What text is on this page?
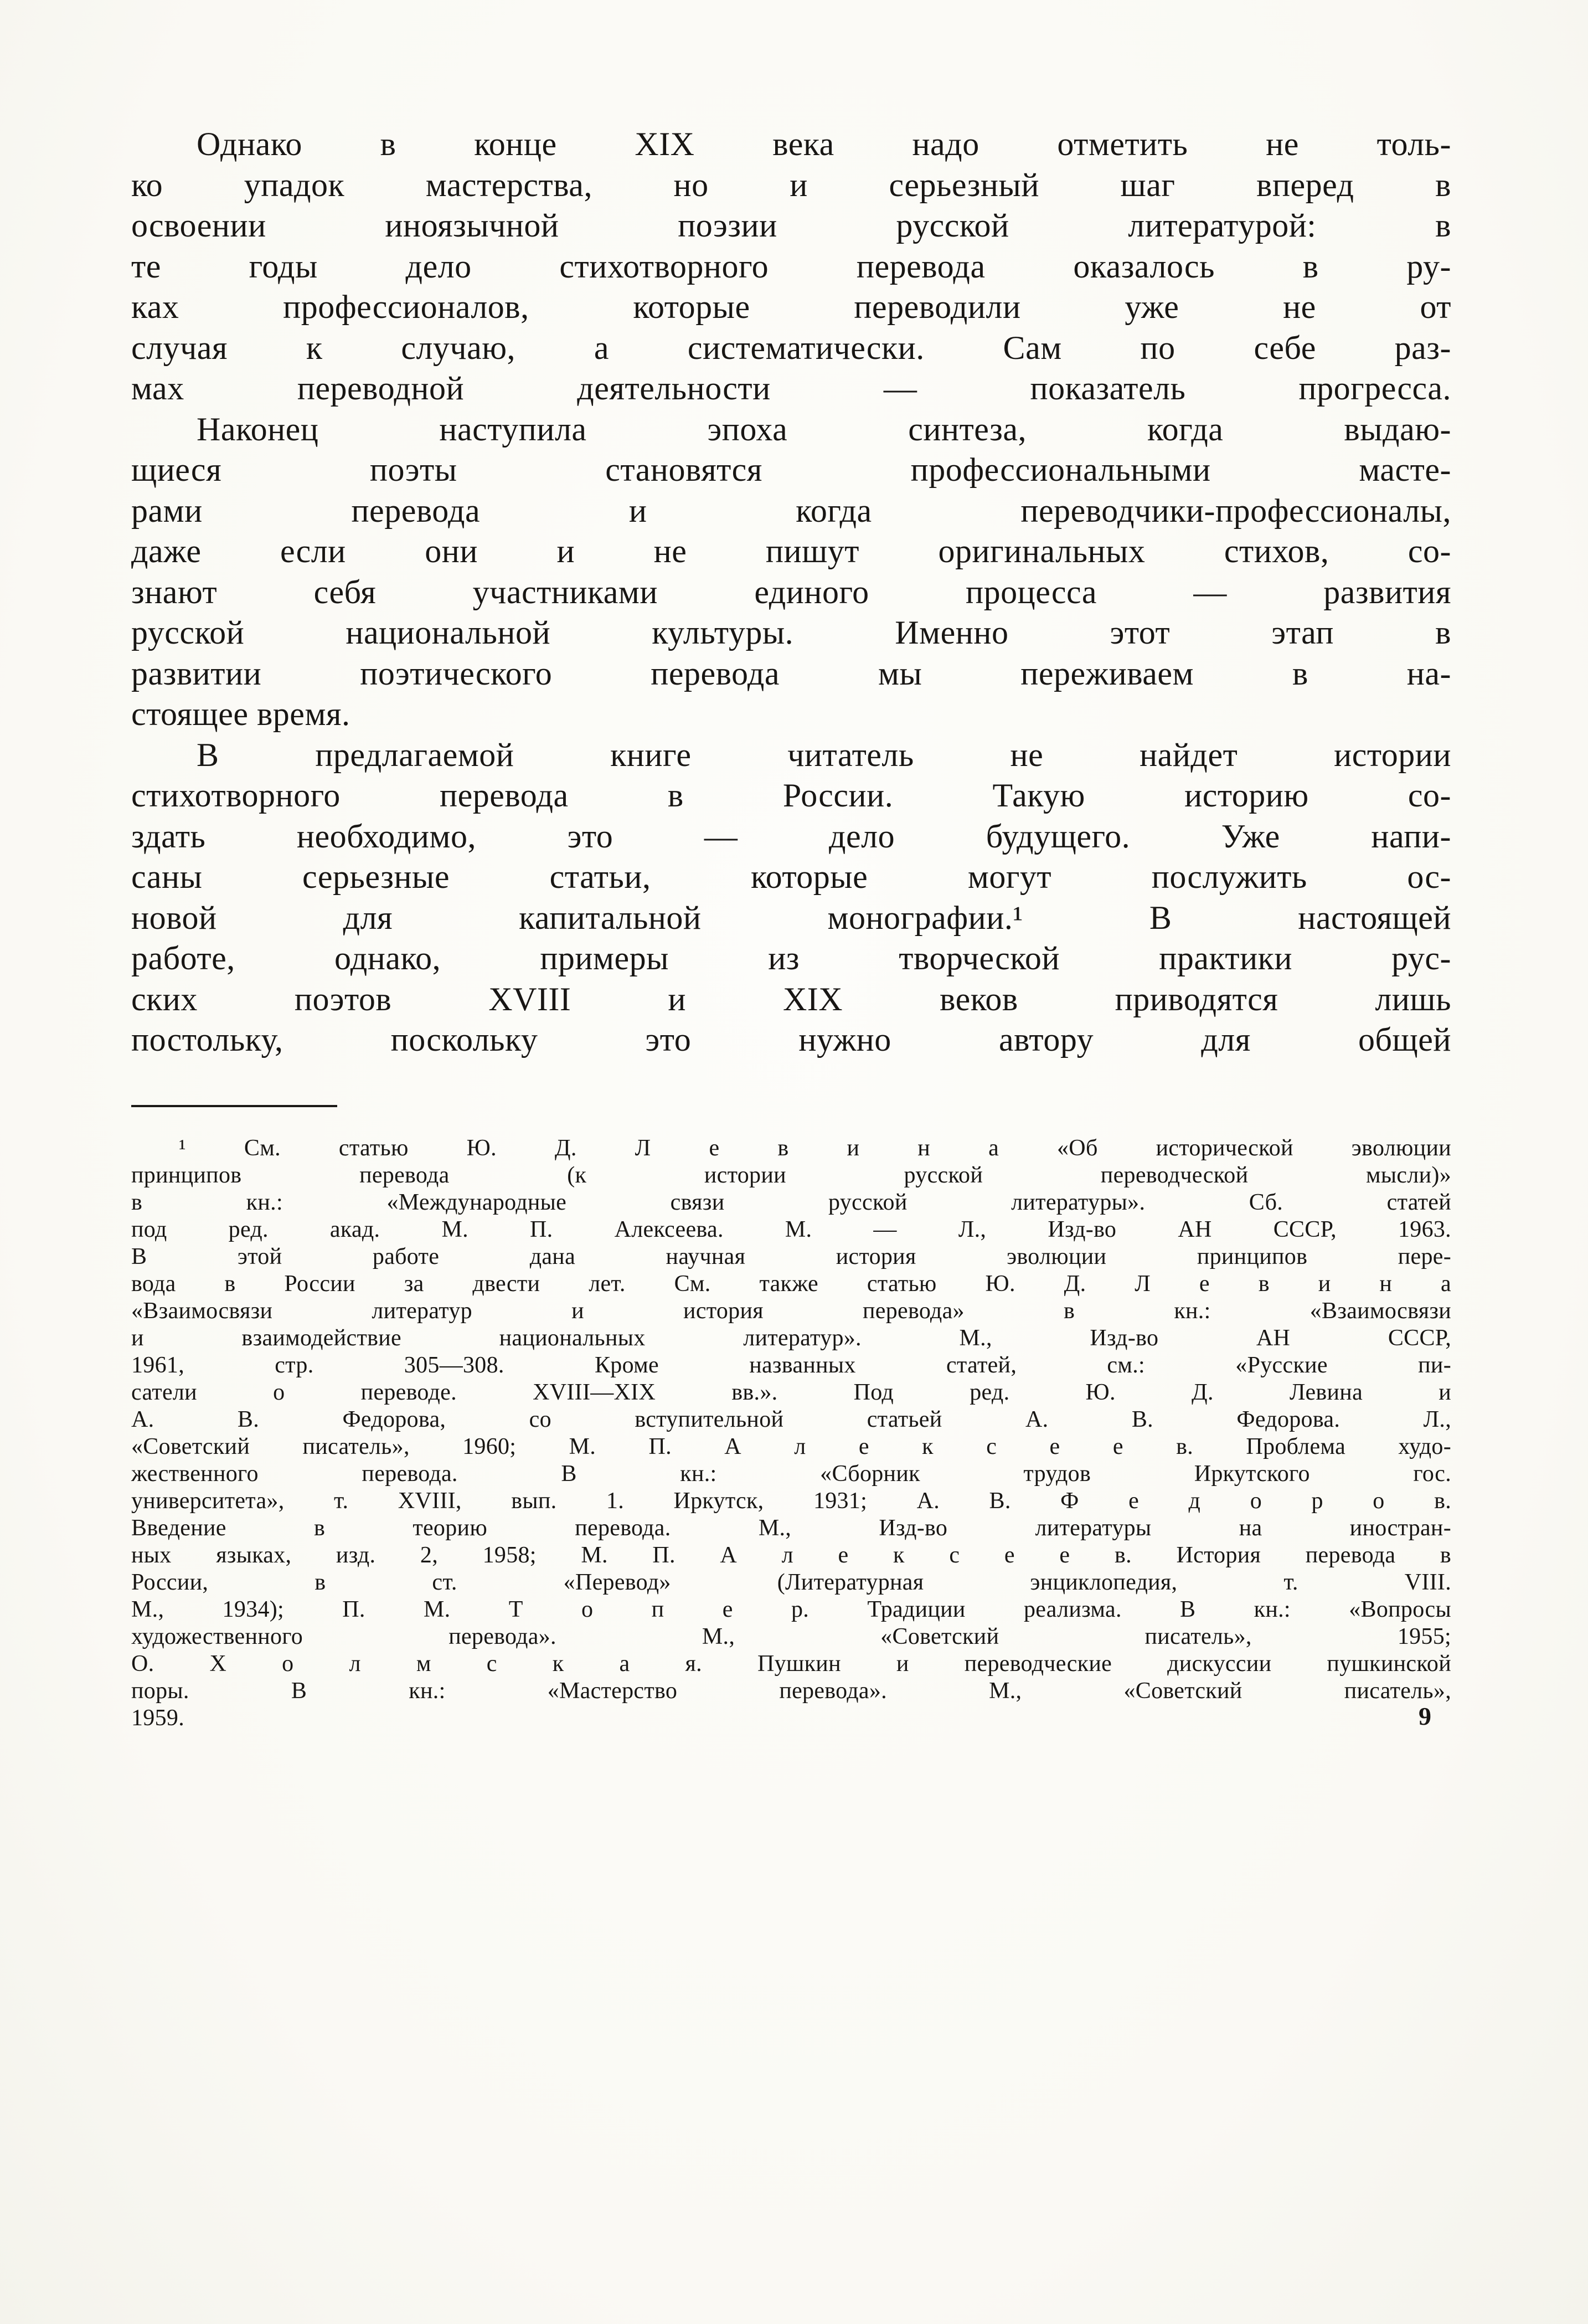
Однако в конце XIX века надо отметить не толь-
ко упадок мастерства, но и серьезный шаг вперед в
освоении иноязычной поэзии русской литературой: в
те годы дело стихотворного перевода оказалось в ру-
ках профессионалов, которые переводили уже не от
случая к случаю, а систематически. Сам по себе раз-
мах переводной деятельности — показатель прогресса.
Наконец наступила эпоха синтеза, когда выдаю-
щиеся поэты становятся профессиональными масте-
рами перевода и когда переводчики-профессионалы,
даже если они и не пишут оригинальных стихов, со-
знают себя участниками единого процесса — развития
русской национальной культуры. Именно этот этап в
развитии поэтического перевода мы переживаем в на-
стоящее время.
В предлагаемой книге читатель не найдет истории
стихотворного перевода в России. Такую историю со-
здать необходимо, это — дело будущего. Уже напи-
саны серьезные статьи, которые могут послужить ос-
новой для капитальной монографии.¹ В настоящей
работе, однако, примеры из творческой практики рус-
ских поэтов XVIII и XIX веков приводятся лишь
постольку, поскольку это нужно автору для общей
¹ См. статью Ю. Д. Л е в и н а «Об исторической эволюции
принципов перевода (к истории русской переводческой мысли)»
в кн.: «Международные связи русской литературы». Сб. статей
под ред. акад. М. П. Алексеева. М. — Л., Изд-во АН СССР, 1963.
В этой работе дана научная история эволюции принципов пере-
вода в России за двести лет. См. также статью Ю. Д. Л е в и н а
«Взаимосвязи литератур и история перевода» в кн.: «Взаимосвязи
и взаимодействие национальных литератур». М., Изд-во АН СССР,
1961, стр. 305—308. Кроме названных статей, см.: «Русские пи-
сатели о переводе. XVIII—XIX вв.». Под ред. Ю. Д. Левина и
А. В. Федорова, со вступительной статьей А. В. Федорова. Л.,
«Советский писатель», 1960; М. П. А л е к с е е в. Проблема худо-
жественного перевода. В кн.: «Сборник трудов Иркутского гос.
университета», т. XVIII, вып. 1. Иркутск, 1931; А. В. Ф е д о р о в.
Введение в теорию перевода. М., Изд-во литературы на иностран-
ных языках, изд. 2, 1958; М. П. А л е к с е е в. История перевода в
России, в ст. «Перевод» (Литературная энциклопедия, т. VIII.
М., 1934); П. М. Т о п е р. Традиции реализма. В кн.: «Вопросы
художественного перевода». М., «Советский писатель», 1955;
О. Х о л м с к а я. Пушкин и переводческие дискуссии пушкинской
поры. В кн.: «Мастерство перевода». М., «Советский писатель»,
1959.	9
